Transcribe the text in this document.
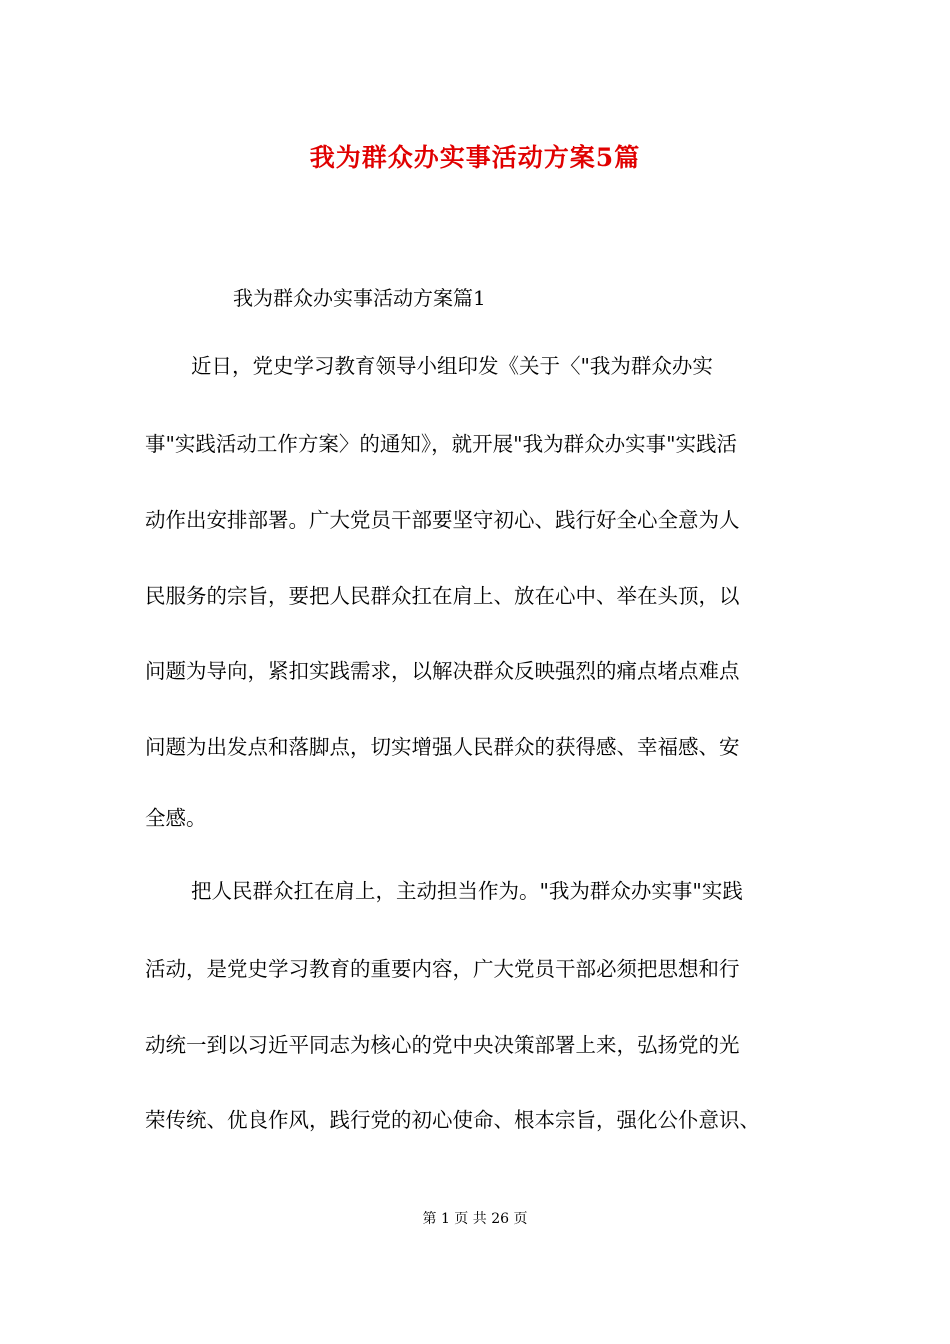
我为群众办实事活动方案5篇

我为群众办实事活动方案篇1

近日，党史学习教育领导小组印发《关于〈"我为群众办实

事"实践活动工作方案〉的通知》，就开展"我为群众办实事"实践活

动作出安排部署。广大党员干部要坚守初心、践行好全心全意为人

民服务的宗旨，要把人民群众扛在肩上、放在心中、举在头顶，以

问题为导向，紧扣实践需求，以解决群众反映强烈的痛点堵点难点

问题为出发点和落脚点，切实增强人民群众的获得感、幸福感、安

全感。

把人民群众扛在肩上，主动担当作为。"我为群众办实事"实践

活动，是党史学习教育的重要内容，广大党员干部必须把思想和行

动统一到以习近平同志为核心的党中央决策部署上来，弘扬党的光

荣传统、优良作风，践行党的初心使命、根本宗旨，强化公仆意识、

第 1 页 共 26 页
